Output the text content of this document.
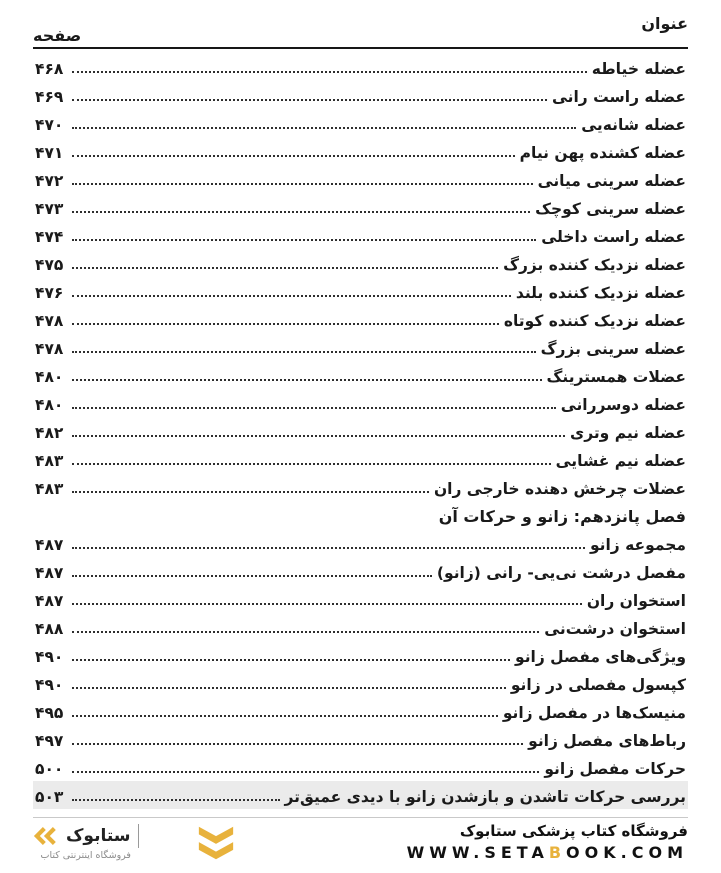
عنوان
صفحه
عضله خیاطه
۴۶۸
عضله راست رانی
۴۶۹
عضله شانه‌یی
۴۷۰
عضله کشنده پهن نیام
۴۷۱
عضله سرینی میانی
۴۷۲
عضله سرینی کوچک
۴۷۳
عضله راست داخلی
۴۷۴
عضله نزدیک کننده بزرگ
۴۷۵
عضله نزدیک کننده بلند
۴۷۶
عضله نزدیک کننده کوتاه
۴۷۸
عضله سرینی بزرگ
۴۷۸
عضلات همسترینگ
۴۸۰
عضله دوسررانی
۴۸۰
عضله نیم وتری
۴۸۲
عضله نیم غشایی
۴۸۳
عضلات چرخش دهنده خارجی ران
۴۸۳
فصل پانزدهم: زانو و حرکات آن
مجموعه زانو
۴۸۷
مفصل درشت نی‌یی- رانی (زانو)
۴۸۷
استخوان ران
۴۸۷
استخوان درشت‌نی
۴۸۸
ویژگی‌های مفصل زانو
۴۹۰
کپسول مفصلی در زانو
۴۹۰
منیسک‌ها در مفصل زانو
۴۹۵
رباط‌های مفصل زانو
۴۹۷
حرکات مفصل زانو
۵۰۰
بررسی حرکات تاشدن و بازشدن زانو با دیدی عمیق‌تر
۵۰۳
فروشگاه کتاب پزشکی ستابوک
WWW.SETABOOK.COM
ستابوک
فروشگاه اینترنتی کتاب
